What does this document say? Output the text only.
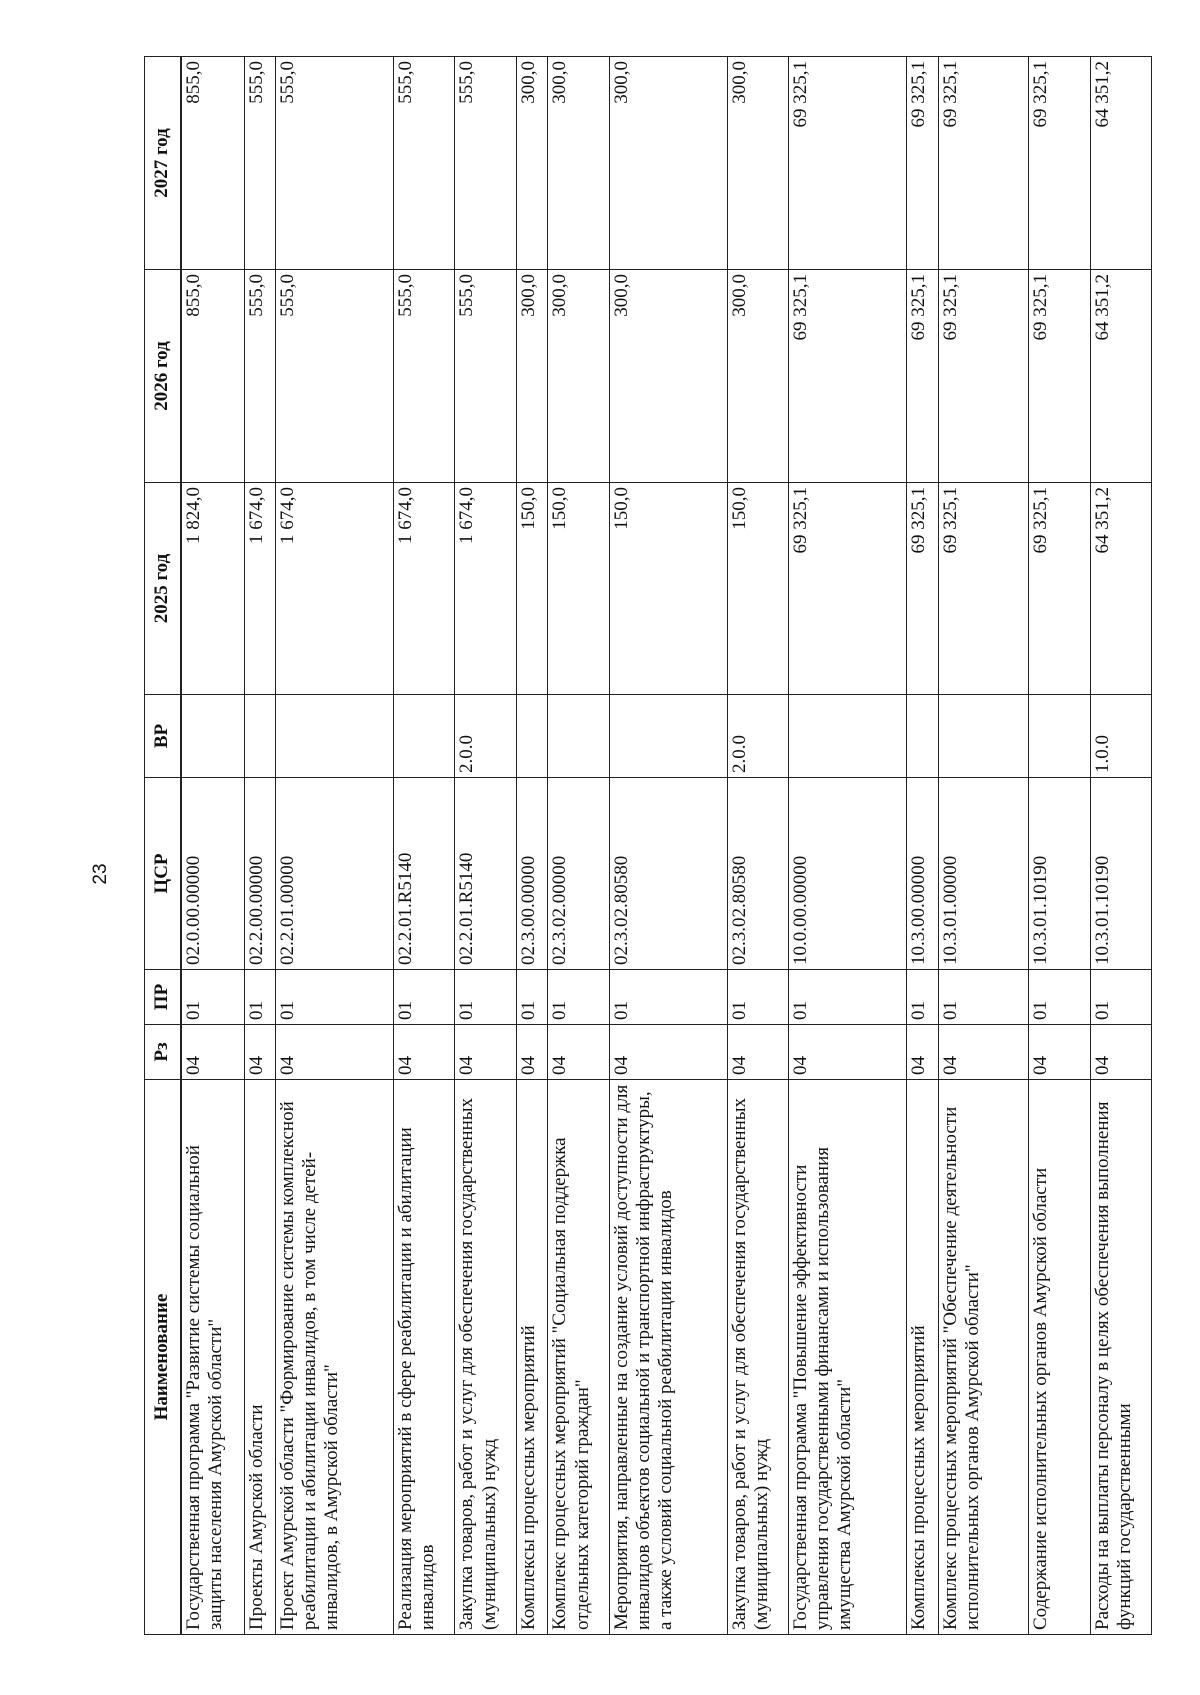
23
Наименование	Рз	ПР	ЦСР	ВР	2025 год	2026 год	2027 год
Государственная программа "Развитие системы социальной защиты населения Амурской области"	04	01	02.0.00.00000		1 824,0	855,0	855,0
Проекты Амурской области	04	01	02.2.00.00000		1 674,0	555,0	555,0
Проект Амурской области "Формирование системы комплексной реабилитации и абилитации инвалидов, в том числе детей-инвалидов, в Амурской области"	04	01	02.2.01.00000		1 674,0	555,0	555,0
Реализация мероприятий в сфере реабилитации и абилитации инвалидов	04	01	02.2.01.R5140		1 674,0	555,0	555,0
Закупка товаров, работ и услуг для обеспечения государственных (муниципальных) нужд	04	01	02.2.01.R5140	2.0.0	1 674,0	555,0	555,0
Комплексы процессных мероприятий	04	01	02.3.00.00000		150,0	300,0	300,0
Комплекс процессных мероприятий "Социальная поддержка отдельных категорий граждан"	04	01	02.3.02.00000		150,0	300,0	300,0
Мероприятия, направленные на создание условий доступности для инвалидов объектов социальной и транспортной инфраструктуры, а также условий социальной реабилитации инвалидов	04	01	02.3.02.80580		150,0	300,0	300,0
Закупка товаров, работ и услуг для обеспечения государственных (муниципальных) нужд	04	01	02.3.02.80580	2.0.0	150,0	300,0	300,0
Государственная программа "Повышение эффективности управления государственными финансами и использования имущества Амурской области"	04	01	10.0.00.00000		69 325,1	69 325,1	69 325,1
Комплексы процессных мероприятий	04	01	10.3.00.00000		69 325,1	69 325,1	69 325,1
Комплекс процессных мероприятий "Обеспечение деятельности исполнительных органов Амурской области"	04	01	10.3.01.00000		69 325,1	69 325,1	69 325,1
Содержание исполнительных органов Амурской области	04	01	10.3.01.10190		69 325,1	69 325,1	69 325,1
Расходы на выплаты персоналу в целях обеспечения выполнения функций государственными	04	01	10.3.01.10190	1.0.0	64 351,2	64 351,2	64 351,2
